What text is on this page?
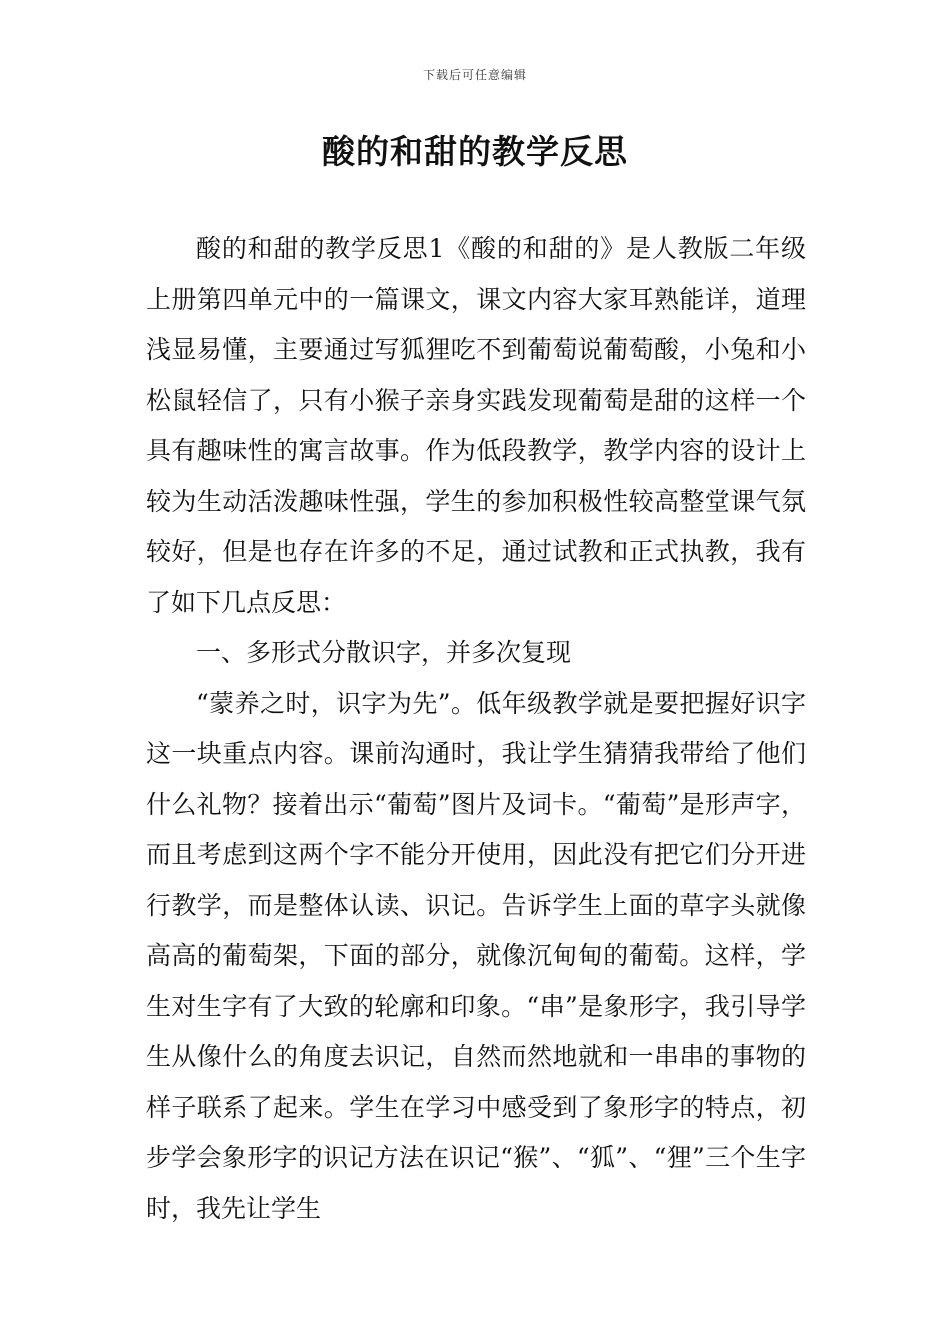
下载后可任意编辑
酸的和甜的教学反思

酸的和甜的教学反思1《酸的和甜的》是人教版二年级上册第四单元中的一篇课文，课文内容大家耳熟能详，道理浅显易懂，主要通过写狐狸吃不到葡萄说葡萄酸，小兔和小松鼠轻信了，只有小猴子亲身实践发现葡萄是甜的这样一个具有趣味性的寓言故事。作为低段教学，教学内容的设计上较为生动活泼趣味性强，学生的参加积极性较高整堂课气氛较好，但是也存在许多的不足，通过试教和正式执教，我有了如下几点反思：

一、多形式分散识字，并多次复现

“蒙养之时，识字为先”。低年级教学就是要把握好识字这一块重点内容。课前沟通时，我让学生猜猜我带给了他们什么礼物？接着出示“葡萄”图片及词卡。“葡萄”是形声字，而且考虑到这两个字不能分开使用，因此没有把它们分开进行教学，而是整体认读、识记。告诉学生上面的草字头就像高高的葡萄架，下面的部分，就像沉甸甸的葡萄。这样，学生对生字有了大致的轮廓和印象。“串”是象形字，我引导学生从像什么的角度去识记，自然而然地就和一串串的事物的样子联系了起来。学生在学习中感受到了象形字的特点，初步学会象形字的识记方法在识记“猴”、“狐”、“狸”三个生字时，我先让学生
